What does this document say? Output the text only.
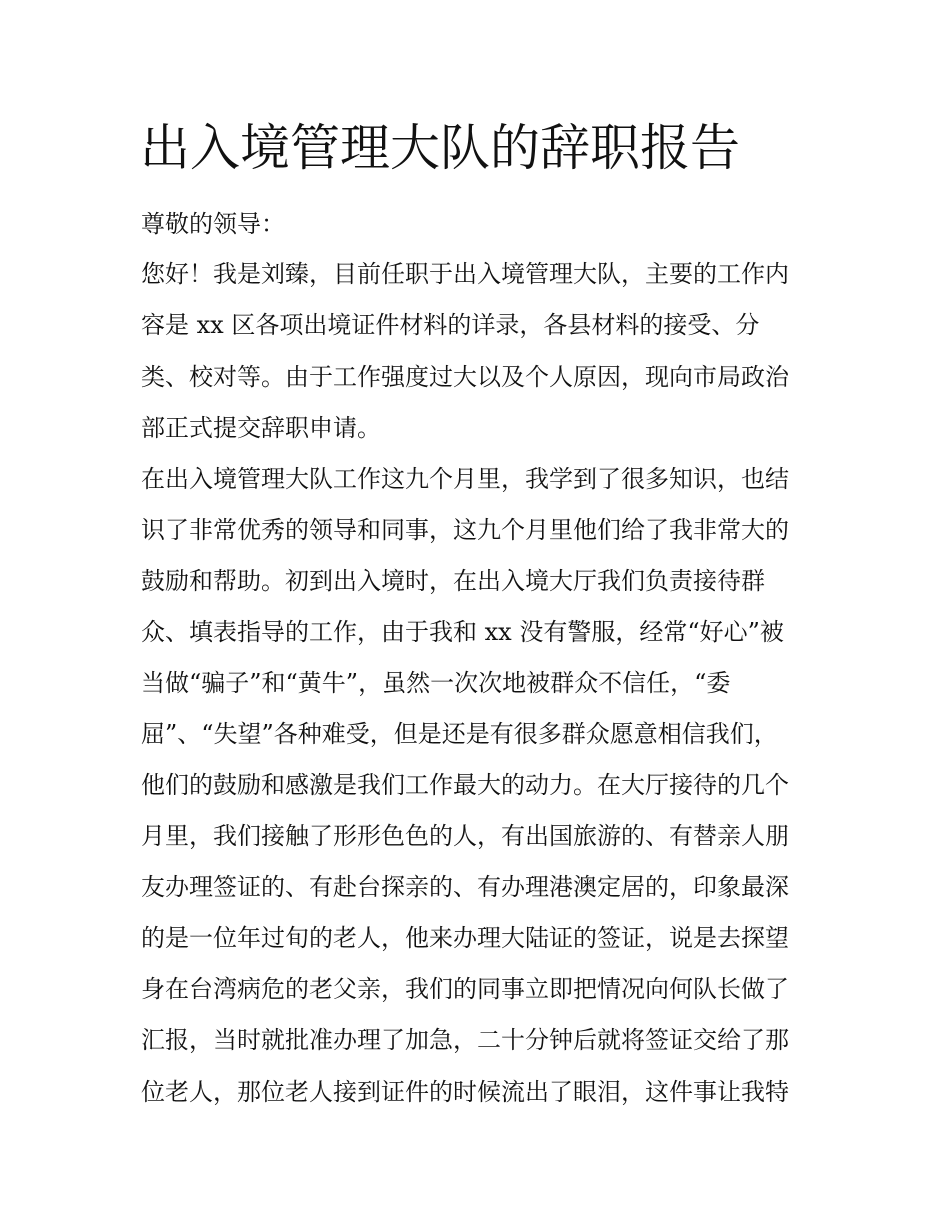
出入境管理大队的辞职报告
尊敬的领导：
您好！我是刘臻，目前任职于出入境管理大队，主要的工作内
容是 xx 区各项出境证件材料的详录，各县材料的接受、分
类、校对等。由于工作强度过大以及个人原因，现向市局政治
部正式提交辞职申请。
在出入境管理大队工作这九个月里，我学到了很多知识，也结
识了非常优秀的领导和同事，这九个月里他们给了我非常大的
鼓励和帮助。初到出入境时，在出入境大厅我们负责接待群
众、填表指导的工作，由于我和 xx 没有警服，经常“好心”被
当做“骗子”和“黄牛”，虽然一次次地被群众不信任，“委
屈”、“失望”各种难受，但是还是有很多群众愿意相信我们，
他们的鼓励和感激是我们工作最大的动力。在大厅接待的几个
月里，我们接触了形形色色的人，有出国旅游的、有替亲人朋
友办理签证的、有赴台探亲的、有办理港澳定居的，印象最深
的是一位年过旬的老人，他来办理大陆证的签证，说是去探望
身在台湾病危的老父亲，我们的同事立即把情况向何队长做了
汇报，当时就批准办理了加急，二十分钟后就将签证交给了那
位老人，那位老人接到证件的时候流出了眼泪，这件事让我特
